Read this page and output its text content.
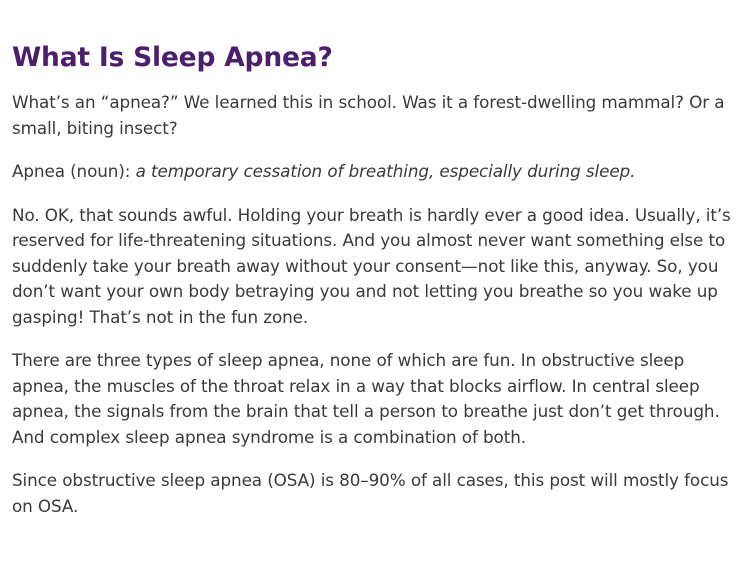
What Is Sleep Apnea?

What’s an “apnea?” We learned this in school. Was it a forest-dwelling mammal? Or a small, biting insect?

Apnea (noun): a temporary cessation of breathing, especially during sleep.

No. OK, that sounds awful. Holding your breath is hardly ever a good idea. Usually, it’s reserved for life-threatening situations. And you almost never want something else to suddenly take your breath away without your consent—not like this, anyway. So, you don’t want your own body betraying you and not letting you breathe so you wake up gasping! That’s not in the fun zone.

There are three types of sleep apnea, none of which are fun. In obstructive sleep apnea, the muscles of the throat relax in a way that blocks airflow. In central sleep apnea, the signals from the brain that tell a person to breathe just don’t get through. And complex sleep apnea syndrome is a combination of both.

Since obstructive sleep apnea (OSA) is 80–90% of all cases, this post will mostly focus on OSA.
